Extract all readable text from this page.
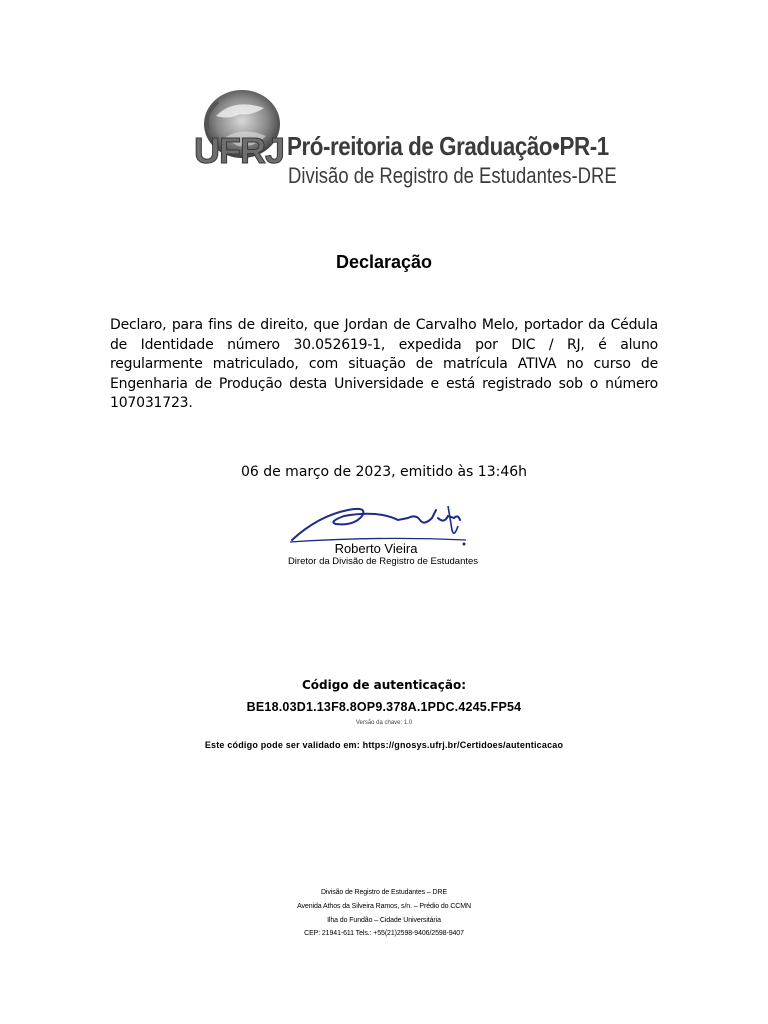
UFRJ Pró-reitoria de Graduação•PR-1
Divisão de Registro de Estudantes-DRE
Declaração
Declaro, para fins de direito, que Jordan de Carvalho Melo, portador da Cédula de Identidade número 30.052619-1, expedida por DIC / RJ, é aluno regularmente matriculado, com situação de matrícula ATIVA no curso de Engenharia de Produção desta Universidade e está registrado sob o número 107031723.
06 de março de 2023, emitido às 13:46h
Roberto Vieira
Diretor da Divisão de Registro de Estudantes
Código de autenticação:
BE18.03D1.13F8.8OP9.378A.1PDC.4245.FP54
Versão da chave: 1.0
Este código pode ser validado em: https://gnosys.ufrj.br/Certidoes/autenticacao
Divisão de Registro de Estudantes – DRE
Avenida Athos da Silveira Ramos, s/n. – Prédio do CCMN
Ilha do Fundão – Cidade Universitária
CEP: 21941-611 Tels.: +55(21)2598-9406/2598-9407
